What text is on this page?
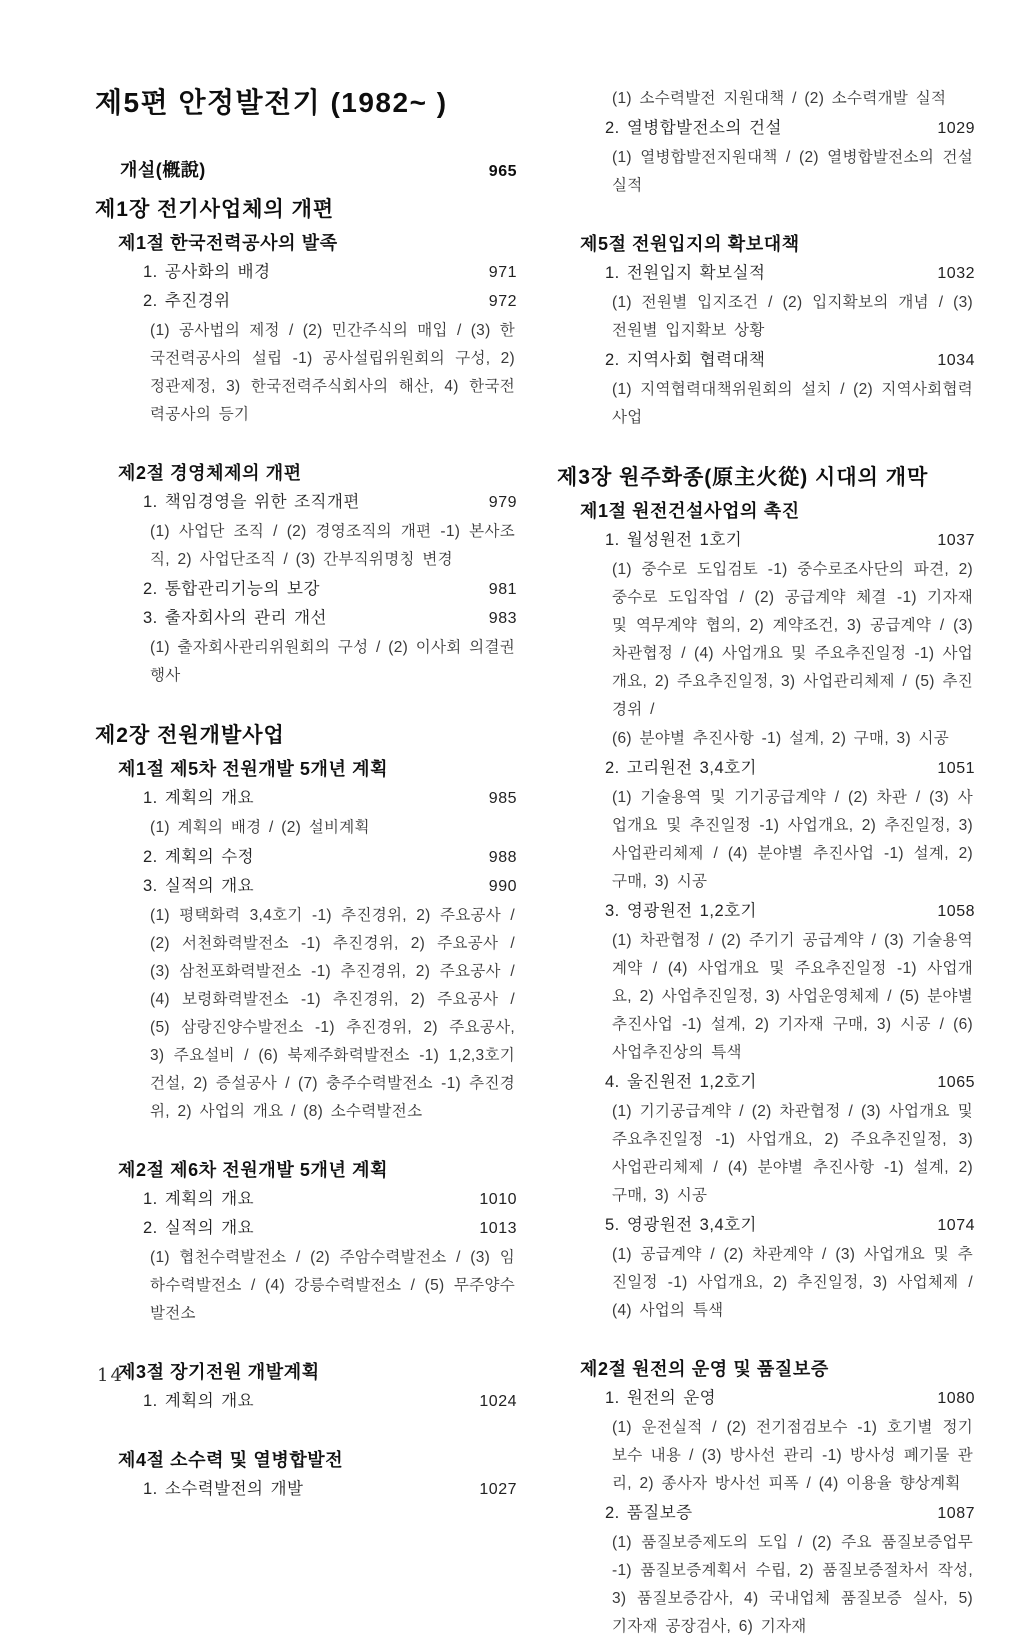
제5편 안정발전기 (1982~ )
개설(槪說)	965
제1장 전기사업체의 개편
제1절 한국전력공사의 발족
1. 공사화의 배경	971
2. 추진경위	972
(1) 공사법의 제정 / (2) 민간주식의 매입 / (3) 한국전력공사의 설립 -1) 공사설립위원회의 구성, 2) 정관제정, 3) 한국전력주식회사의 해산, 4) 한국전력공사의 등기
제2절 경영체제의 개편
1. 책임경영을 위한 조직개편	979
(1) 사업단 조직 / (2) 경영조직의 개편 -1) 본사조직, 2) 사업단조직 / (3) 간부직위명칭 변경
2. 통합관리기능의 보강	981
3. 출자회사의 관리 개선	983
(1) 출자회사관리위원회의 구성 / (2) 이사회 의결권행사
제2장 전원개발사업
제1절 제5차 전원개발 5개년 계획
1. 계획의 개요	985
(1) 계획의 배경 / (2) 설비계획
2. 계획의 수정	988
3. 실적의 개요	990
(1) 평택화력 3,4호기 -1) 추진경위, 2) 주요공사 / (2) 서천화력발전소 -1) 추진경위, 2) 주요공사 / (3) 삼천포화력발전소 -1) 추진경위, 2) 주요공사 / (4) 보령화력발전소 -1) 추진경위, 2) 주요공사 / (5) 삼랑진양수발전소 -1) 추진경위, 2) 주요공사, 3) 주요설비 / (6) 북제주화력발전소 -1) 1,2,3호기 건설, 2) 증설공사 / (7) 충주수력발전소 -1) 추진경위, 2) 사업의 개요 / (8) 소수력발전소
제2절 제6차 전원개발 5개년 계획
1. 계획의 개요	1010
2. 실적의 개요	1013
(1) 협천수력발전소 / (2) 주암수력발전소 / (3) 임하수력발전소 / (4) 강릉수력발전소 / (5) 무주양수발전소
제3절 장기전원 개발계획
1. 계획의 개요	1024
제4절 소수력 및 열병합발전
1. 소수력발전의 개발	1027
(1) 소수력발전 지원대책 / (2) 소수력개발 실적
2. 열병합발전소의 건설	1029
(1) 열병합발전지원대책 / (2) 열병합발전소의 건설실적
제5절 전원입지의 확보대책
1. 전원입지 확보실적	1032
(1) 전원별 입지조건 / (2) 입지확보의 개념 / (3) 전원별 입지확보 상황
2. 지역사회 협력대책	1034
(1) 지역협력대책위원회의 설치 / (2) 지역사회협력사업
제3장 원주화종(原主火從) 시대의 개막
제1절 원전건설사업의 촉진
1. 월성원전 1호기	1037
(1) 중수로 도입검토 -1) 중수로조사단의 파견, 2) 중수로 도입작업 / (2) 공급계약 체결 -1) 기자재 및 역무계약 협의, 2) 계약조건, 3) 공급계약 / (3) 차관협정 / (4) 사업개요 및 주요추진일정 -1) 사업개요, 2) 주요추진일정, 3) 사업관리체제 / (5) 추진경위 /
(6) 분야별 추진사항 -1) 설계, 2) 구매, 3) 시공
2. 고리원전 3,4호기	1051
(1) 기술용역 및 기기공급계약 / (2) 차관 / (3) 사업개요 및 추진일정 -1) 사업개요, 2) 추진일정, 3) 사업관리체제 / (4) 분야별 추진사업 -1) 설계, 2) 구매, 3) 시공
3. 영광원전 1,2호기	1058
(1) 차관협정 / (2) 주기기 공급계약 / (3) 기술용역 계약 / (4) 사업개요 및 주요추진일정 -1) 사업개요, 2) 사업추진일정, 3) 사업운영체제 / (5) 분야별 추진사업 -1) 설계, 2) 기자재 구매, 3) 시공 / (6) 사업추진상의 특색
4. 울진원전 1,2호기	1065
(1) 기기공급계약 / (2) 차관협정 / (3) 사업개요 및 주요추진일정 -1) 사업개요, 2) 주요추진일정, 3) 사업관리체제 / (4) 분야별 추진사항 -1) 설계, 2) 구매, 3) 시공
5. 영광원전 3,4호기	1074
(1) 공급계약 / (2) 차관계약 / (3) 사업개요 및 추진일정 -1) 사업개요, 2) 추진일정, 3) 사업체제 / (4) 사업의 특색
제2절 원전의 운영 및 품질보증
1. 원전의 운영	1080
(1) 운전실적 / (2) 전기점검보수 -1) 호기별 정기보수 내용 / (3) 방사선 관리 -1) 방사성 폐기물 관리, 2) 종사자 방사선 피폭 / (4) 이용율 향상계획
2. 품질보증	1087
(1) 품질보증제도의 도입 / (2) 주요 품질보증업무 -1) 품질보증계획서 수립, 2) 품질보증절차서 작성, 3) 품질보증감사, 4) 국내업체 품질보증 실사, 5) 기자재 공장검사, 6) 기자재
14
